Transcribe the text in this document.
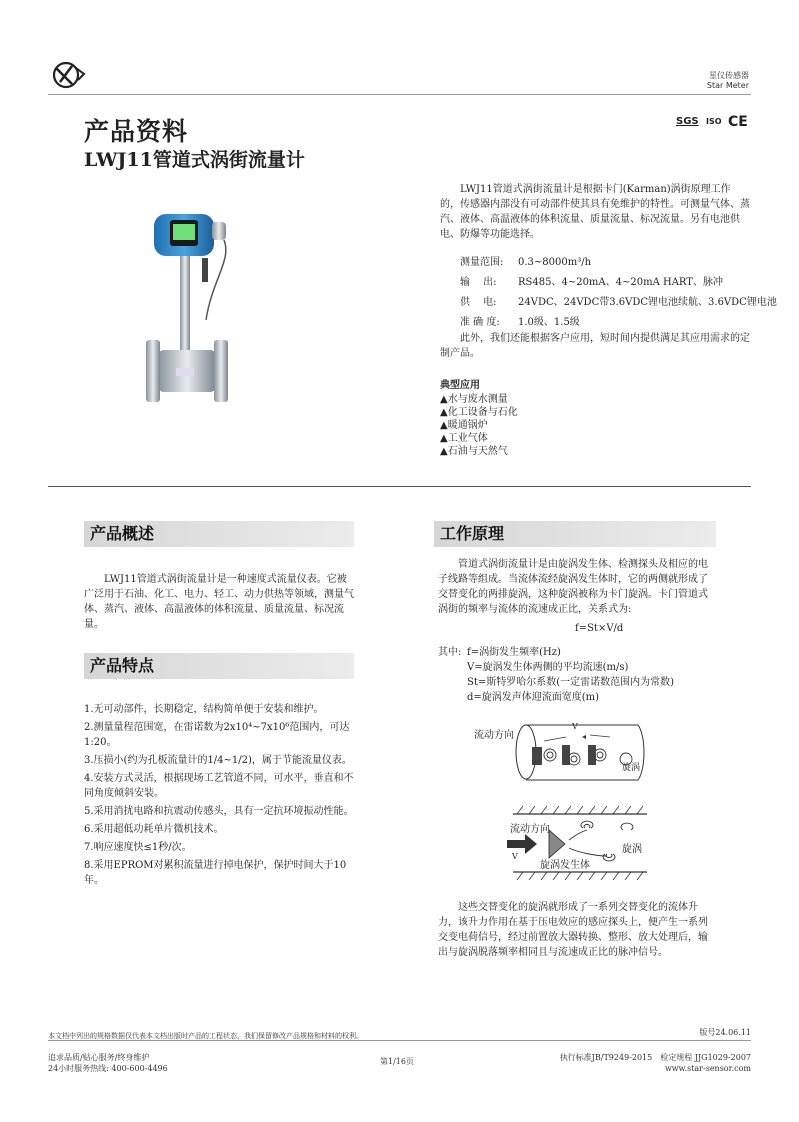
星仪传感器
Star Meter
产品资料
LWJ11管道式涡街流量计
SGS ISO CE

LWJ11管道式涡街流量计是根据卡门(Karman)涡街原理工作的，传感器内部没有可动部件使其具有免维护的特性。可测量气体、蒸汽、液体、高温液体的体积流量、质量流量、标况流量。另有电池供电、防爆等功能选择。

测量范围: 0.3~8000m³/h
输　 出: RS485、4~20mA、4~20mA HART、脉冲
供　 电: 24VDC、24VDC带3.6VDC锂电池续航、3.6VDC锂电池
准 确 度: 1.0级、1.5级
此外，我们还能根据客户应用，短时间内提供满足其应用需求的定制产品。
典型应用
▲水与废水测量
▲化工设备与石化
▲暖通锅炉
▲工业气体
▲石油与天然气
产品概述
LWJ11管道式涡街流量计是一种速度式流量仪表。它被广泛用于石油、化工、电力、轻工、动力供热等领域，测量气体、蒸汽、液体、高温液体的体积流量、质量流量、标况流量。
产品特点
1.无可动部件，长期稳定，结构简单便于安装和维护。
2.测量量程范围宽，在雷诺数为2x10⁴~7x10⁶范围内，可达1:20。
3.压损小(约为孔板流量计的1/4~1/2)，属于节能流量仪表。
4.安装方式灵活，根据现场工艺管道不同，可水平，垂直和不同角度倾斜安装。
5.采用消扰电路和抗震动传感头，具有一定抗环境振动性能。
6.采用超低功耗单片微机技术。
7.响应速度快≤1秒/次。
8.采用EPROM对累积流量进行掉电保护，保护时间大于10年。
工作原理
管道式涡街流量计是由旋涡发生体、检测探头及相应的电子线路等组成。当流体流经旋涡发生体时，它的两侧就形成了交替变化的两排旋涡，这种旋涡被称为卡门旋涡。卡门管道式涡街的频率与流体的流速成正比，关系式为:
f=St×V/d
其中: f=涡街发生频率(Hz)
V=旋涡发生体两侧的平均流速(m/s)
St=斯特罗哈尔系数(一定雷诺数范围内为常数)
d=旋涡发声体迎流面宽度(m)
流动方向
V
旋涡
流动方向
V
旋涡
旋涡发生体
这些交替变化的旋涡就形成了一系列交替变化的流体升力，该升力作用在基于压电效应的感应探头上，便产生一系列交变电荷信号，经过前置放大器转换、整形、放大处理后，输出与旋涡脱落频率相同且与流速成正比的脉冲信号。
本文档中列出的规格数据仅代表本文档出版时产品的工程状态，我们保留修改产品规格和材料的权利。	版号24.06.11
追求品质/贴心服务/终身维护
24小时服务热线: 400-600-4496
第1/16页	执行标准JB/T9249-2015　检定规程 JJG1029-2007
www.star-sensor.com
